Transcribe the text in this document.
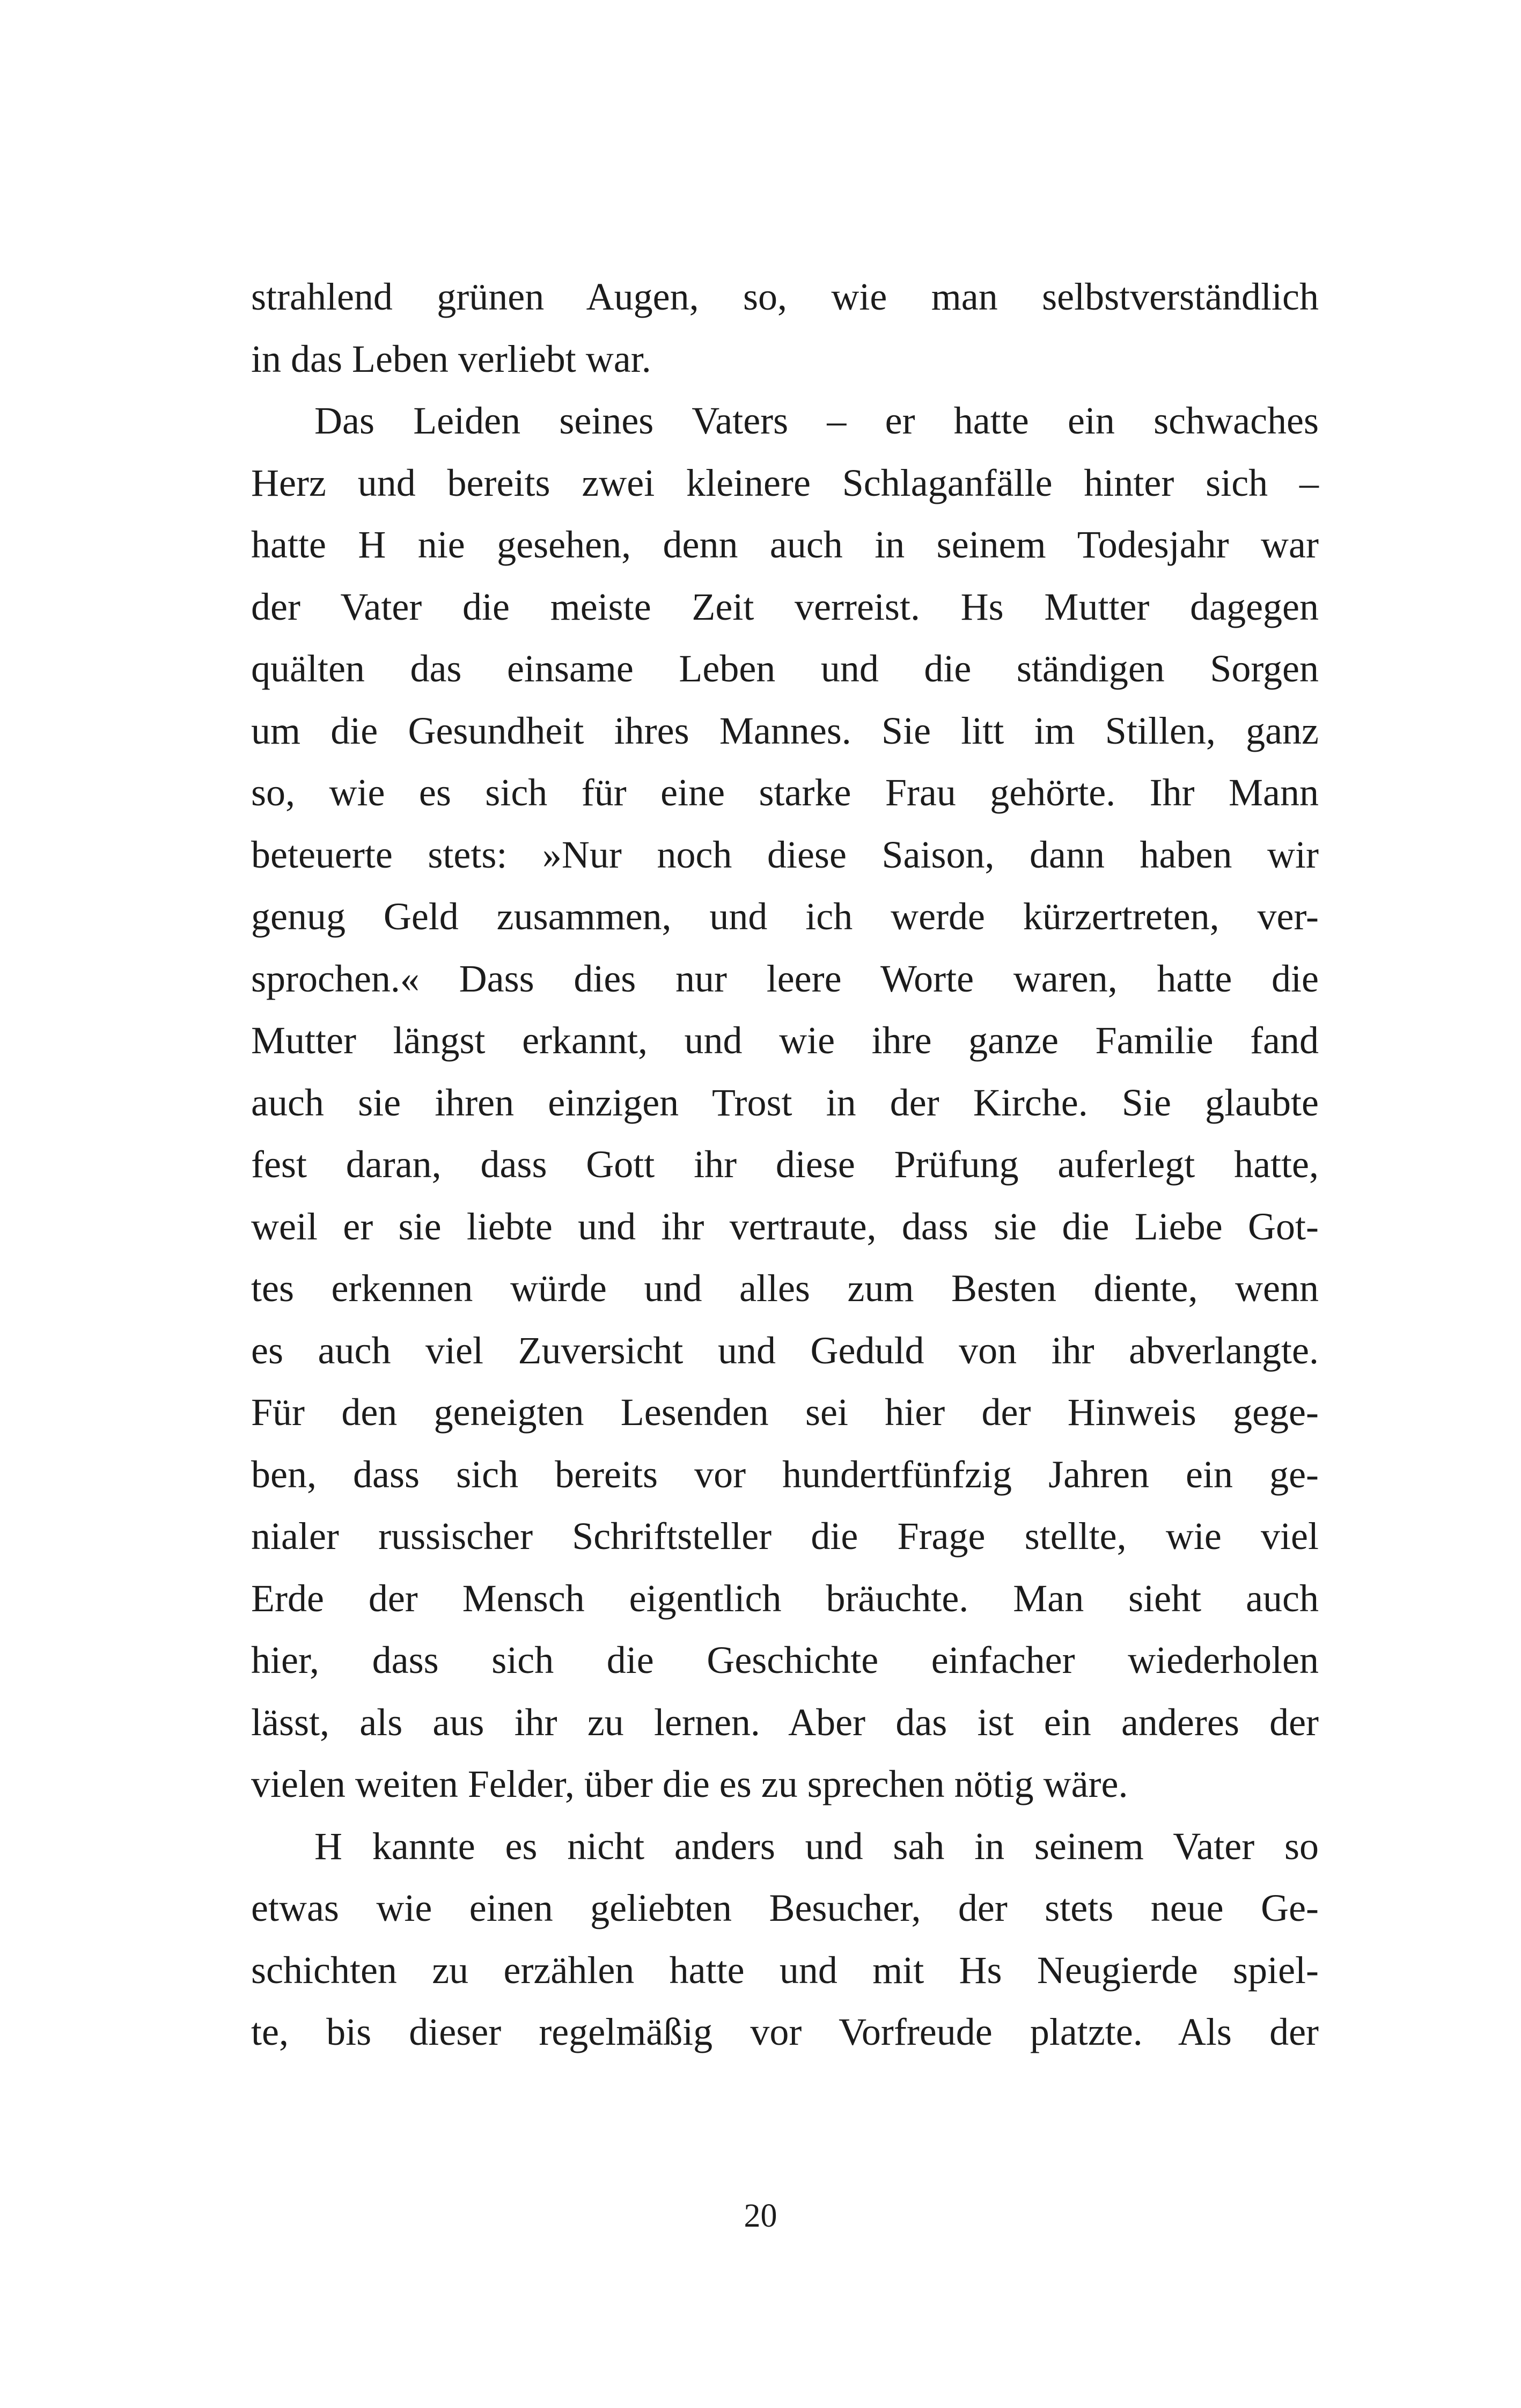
strahlend grünen Augen, so, wie man selbstverständlich
in das Leben verliebt war.
Das Leiden seines Vaters – er hatte ein schwaches
Herz und bereits zwei kleinere Schlaganfälle hinter sich –
hatte H nie gesehen, denn auch in seinem Todesjahr war
der Vater die meiste Zeit verreist. Hs Mutter dagegen
quälten das einsame Leben und die ständigen Sorgen
um die Gesundheit ihres Mannes. Sie litt im Stillen, ganz
so, wie es sich für eine starke Frau gehörte. Ihr Mann
beteuerte stets: »Nur noch diese Saison, dann haben wir
genug Geld zusammen, und ich werde kürzertreten, ver-
sprochen.« Dass dies nur leere Worte waren, hatte die
Mutter längst erkannt, und wie ihre ganze Familie fand
auch sie ihren einzigen Trost in der Kirche. Sie glaubte
fest daran, dass Gott ihr diese Prüfung auferlegt hatte,
weil er sie liebte und ihr vertraute, dass sie die Liebe Got-
tes erkennen würde und alles zum Besten diente, wenn
es auch viel Zuversicht und Geduld von ihr abverlangte.
Für den geneigten Lesenden sei hier der Hinweis gege-
ben, dass sich bereits vor hundertfünfzig Jahren ein ge-
nialer russischer Schriftsteller die Frage stellte, wie viel
Erde der Mensch eigentlich bräuchte. Man sieht auch
hier, dass sich die Geschichte einfacher wiederholen
lässt, als aus ihr zu lernen. Aber das ist ein anderes der
vielen weiten Felder, über die es zu sprechen nötig wäre.
H kannte es nicht anders und sah in seinem Vater so
etwas wie einen geliebten Besucher, der stets neue Ge-
schichten zu erzählen hatte und mit Hs Neugierde spiel-
te, bis dieser regelmäßig vor Vorfreude platzte. Als der
20
